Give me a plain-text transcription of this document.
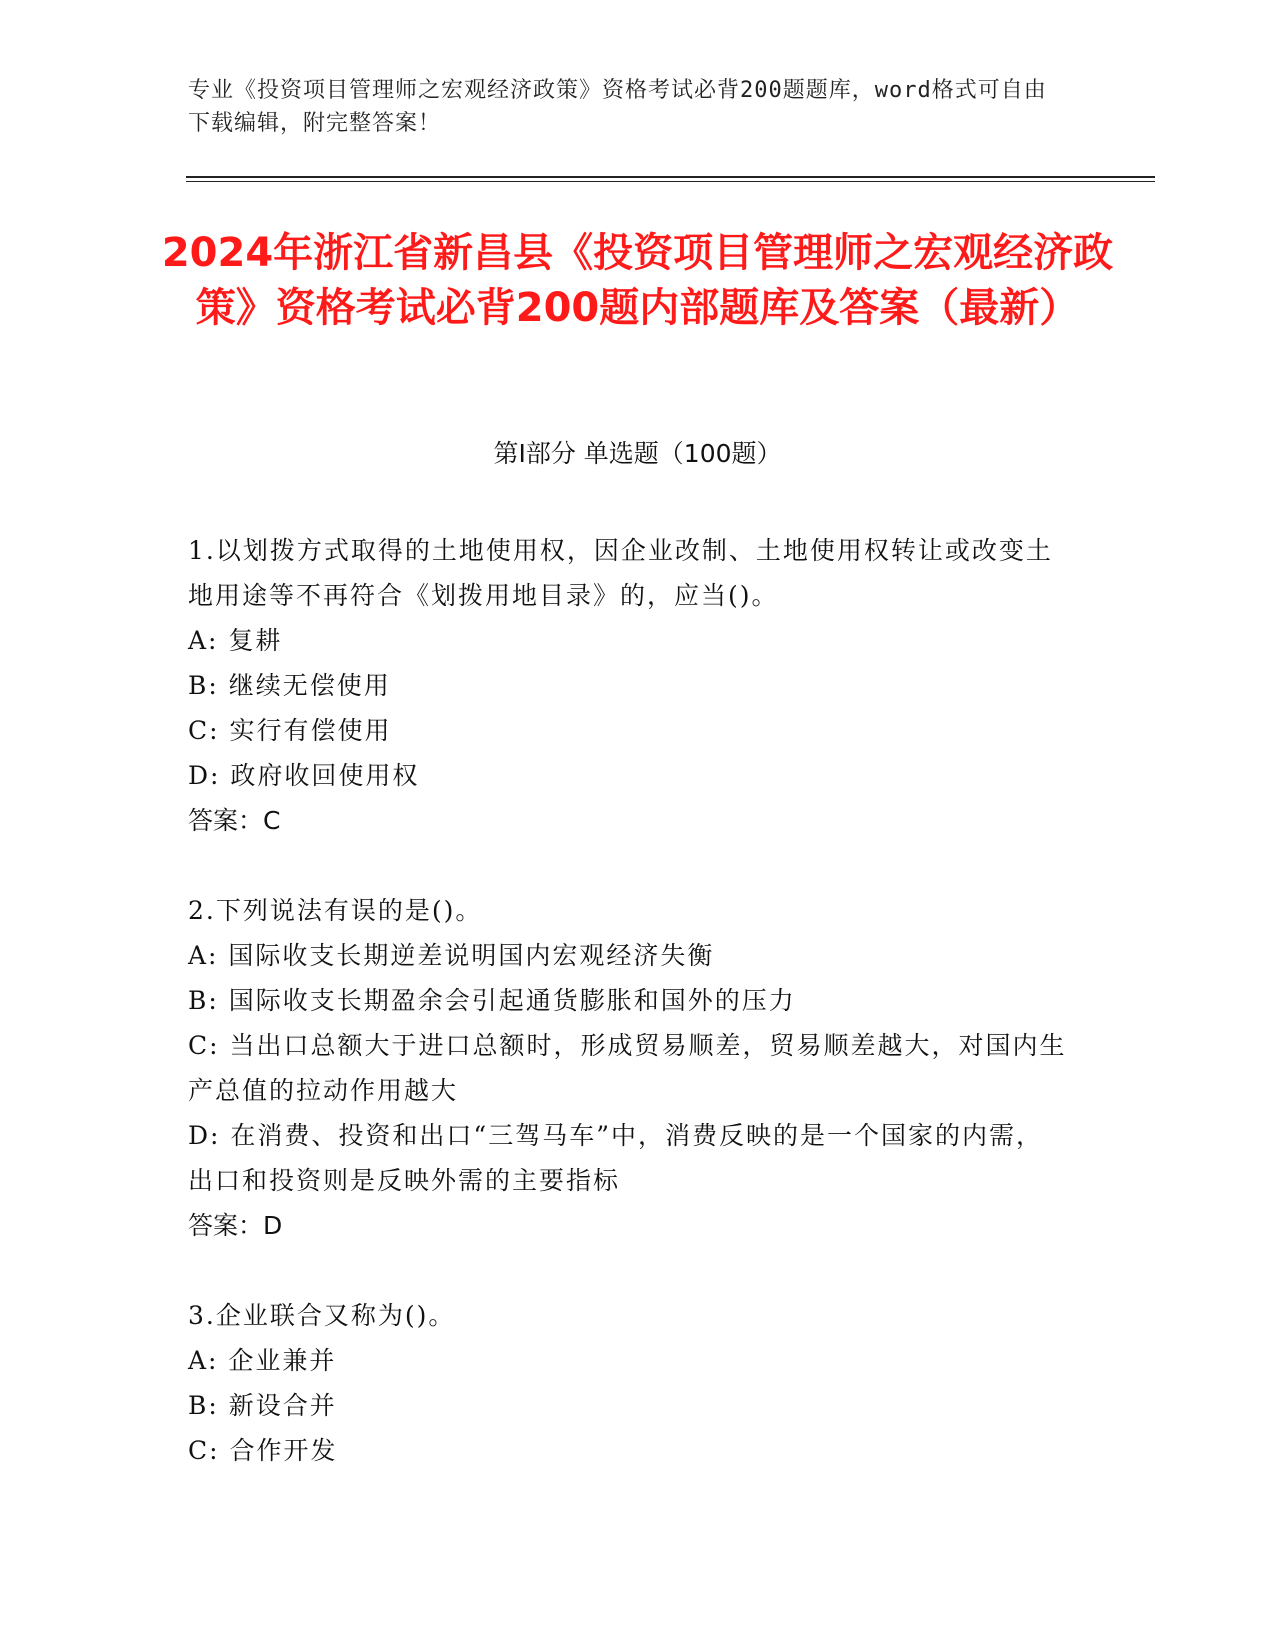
专业《投资项目管理师之宏观经济政策》资格考试必背200题题库，word格式可自由下载编辑，附完整答案！
2024年浙江省新昌县《投资项目管理师之宏观经济政策》资格考试必背200题内部题库及答案（最新）
第I部分 单选题（100题）
1.以划拨方式取得的土地使用权，因企业改制、土地使用权转让或改变土地用途等不再符合《划拨用地目录》的，应当()。
A: 复耕
B: 继续无偿使用
C: 实行有偿使用
D: 政府收回使用权
答案：C
2.下列说法有误的是()。
A: 国际收支长期逆差说明国内宏观经济失衡
B: 国际收支长期盈余会引起通货膨胀和国外的压力
C: 当出口总额大于进口总额时，形成贸易顺差，贸易顺差越大，对国内生产总值的拉动作用越大
D: 在消费、投资和出口“三驾马车”中，消费反映的是一个国家的内需，出口和投资则是反映外需的主要指标
答案：D
3.企业联合又称为()。
A: 企业兼并
B: 新设合并
C: 合作开发
